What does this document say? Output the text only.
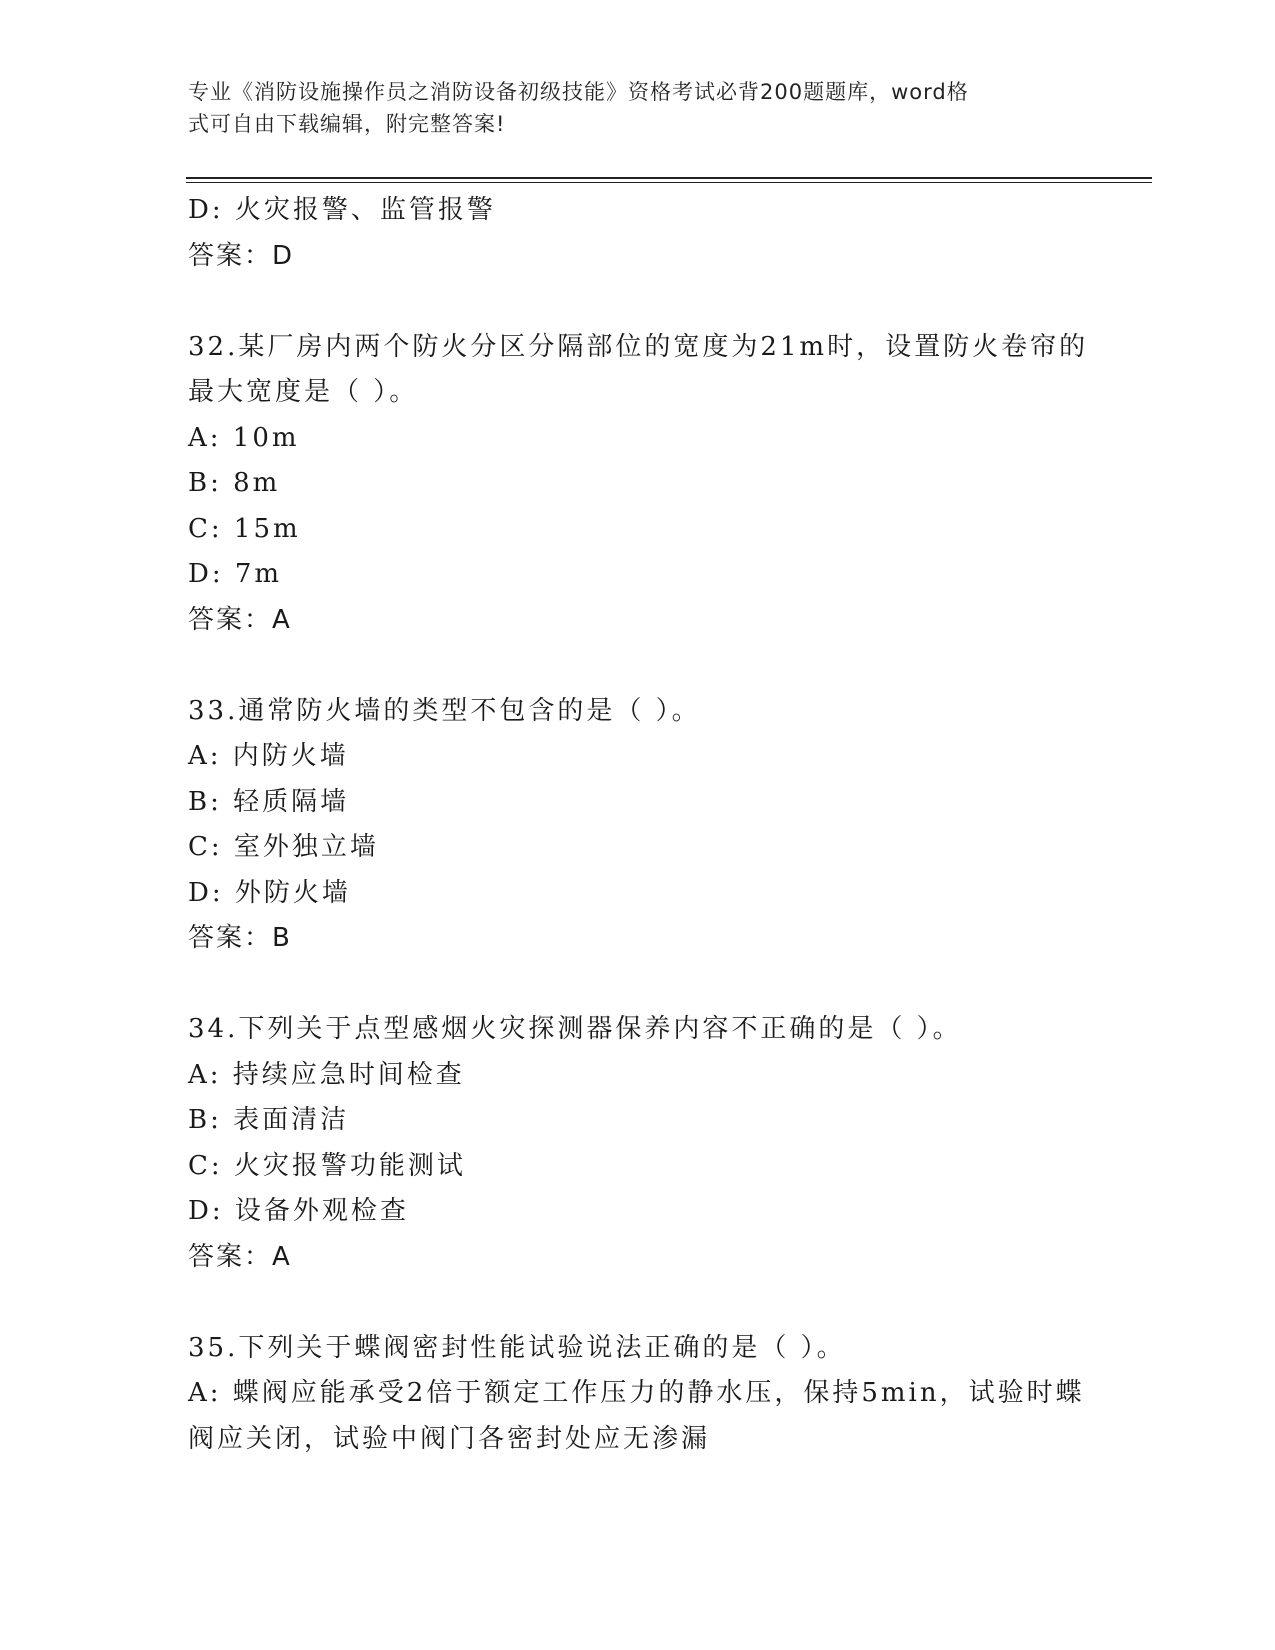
专业《消防设施操作员之消防设备初级技能》资格考试必背200题题库，word格
式可自由下载编辑，附完整答案!
D: 火灾报警、监管报警
答案：D
32.某厂房内两个防火分区分隔部位的宽度为21m时，设置防火卷帘的
最大宽度是（ ）。
A: 10m
B: 8m
C: 15m
D: 7m
答案：A
33.通常防火墙的类型不包含的是（ ）。
A: 内防火墙
B: 轻质隔墙
C: 室外独立墙
D: 外防火墙
答案：B
34.下列关于点型感烟火灾探测器保养内容不正确的是（ ）。
A: 持续应急时间检查
B: 表面清洁
C: 火灾报警功能测试
D: 设备外观检查
答案：A
35.下列关于蝶阀密封性能试验说法正确的是（ ）。
A: 蝶阀应能承受2倍于额定工作压力的静水压，保持5min，试验时蝶
阀应关闭，试验中阀门各密封处应无渗漏
